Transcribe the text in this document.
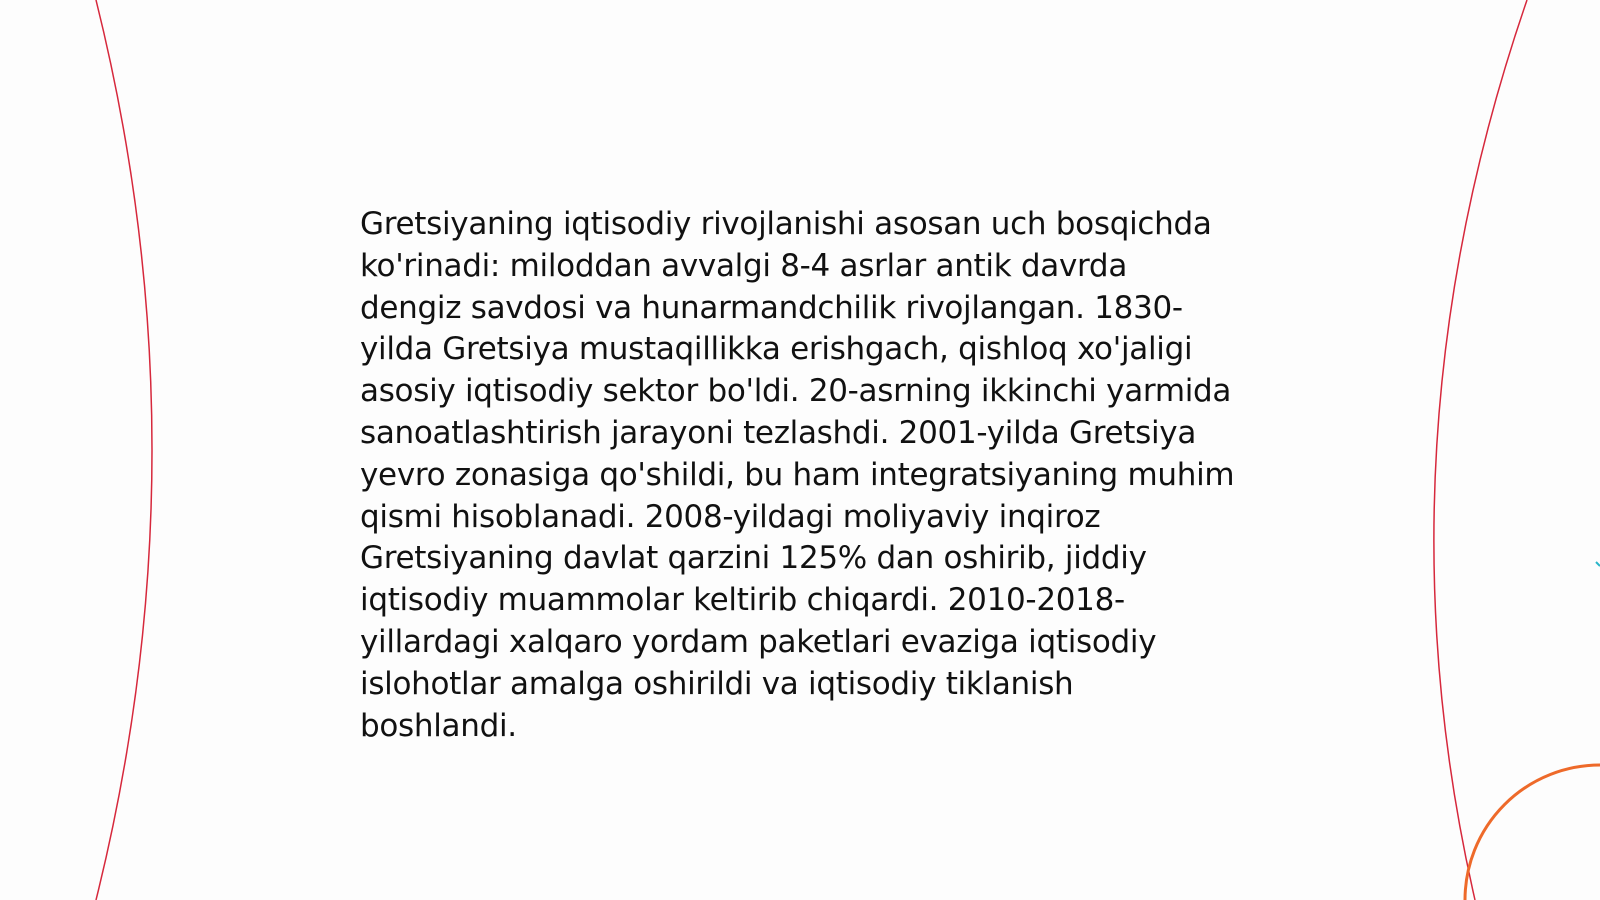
Gretsiyaning iqtisodiy rivojlanishi asosan uch bosqichda ko'rinadi: miloddan avvalgi 8-4 asrlar antik davrda dengiz savdosi va hunarmandchilik rivojlangan. 1830-yilda Gretsiya mustaqillikka erishgach, qishloq xo'jaligi asosiy iqtisodiy sektor bo'ldi. 20-asrning ikkinchi yarmida sanoatlashtirish jarayoni tezlashdi. 2001-yilda Gretsiya yevro zonasiga qo'shildi, bu ham integratsiyaning muhim qismi hisoblanadi. 2008-yildagi moliyaviy inqiroz Gretsiyaning davlat qarzini 125% dan oshirib, jiddiy iqtisodiy muammolar keltirib chiqardi. 2010-2018-yillardagi xalqaro yordam paketlari evaziga iqtisodiy islohotlar amalga oshirildi va iqtisodiy tiklanish boshlandi.
